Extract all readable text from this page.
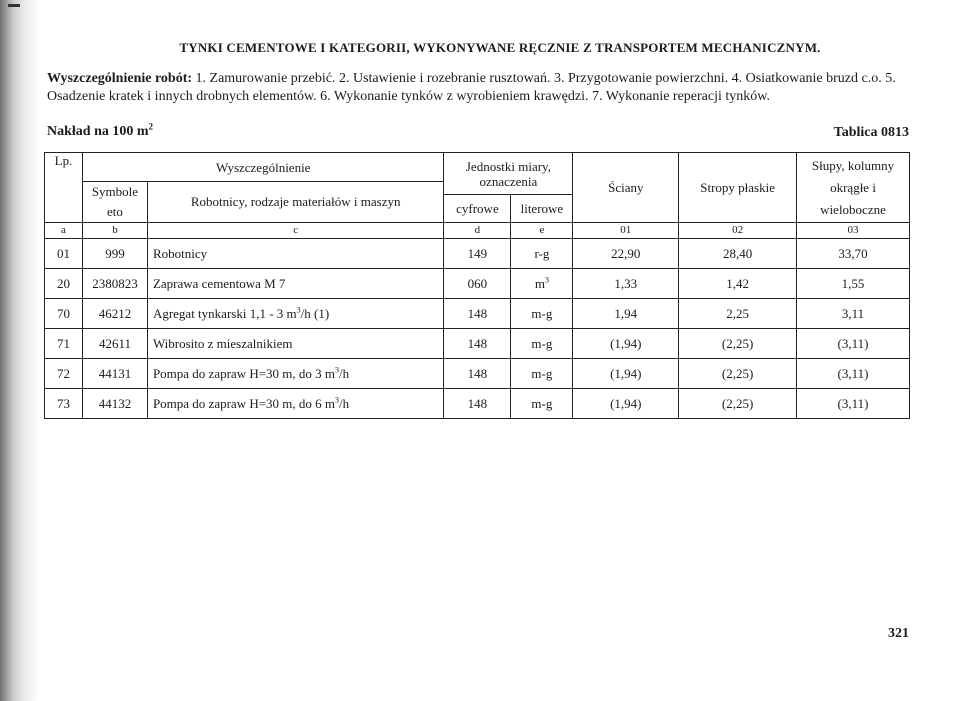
TYNKI CEMENTOWE I KATEGORII, WYKONYWANE RĘCZNIE Z TRANSPORTEM MECHANICZNYM.
Wyszczególnienie robót: 1. Zamurowanie przebić. 2. Ustawienie i rozebranie rusztowań. 3. Przygotowanie powierzchni. 4. Osiatkowanie bruzd c.o. 5. Osadzenie kratek i innych drobnych elementów. 6. Wykonanie tynków z wyrobieniem krawędzi. 7. Wykonanie reperacji tynków.
Nakład na 100 $m^2$	Tablica 0813
Lp.	Wyszczególnienie		Jednostki miary, oznaczenia		Ściany	Stropy płaskie	Słupy, kolumny okrągłe i wieloboczne
	Symbole eto	Robotnicy, rodzaje materiałów i maszyn					
			cyfrowe	literowe			
a	b	c	d	e	01	02	03
01	999	Robotnicy	149	r-g	22,90	28,40	33,70
20	2380823	Zaprawa cementowa M 7	060	$m^3$	1,33	1,42	1,55
70	46212	Agregat tynkarski 1,1 - 3 $m^3/h$ (1)	148	m-g	1,94	2,25	3,11
71	42611	Wibrosito z mieszalnikiem	148	m-g	(1,94)	(2,25)	(3,11)
72	44131	Pompa do zapraw H=30 m, do 3 $m^3/h$	148	m-g	(1,94)	(2,25)	(3,11)
73	44132	Pompa do zapraw H=30 m, do 6 $m^3/h$	148	m-g	(1,94)	(2,25)	(3,11)
321
